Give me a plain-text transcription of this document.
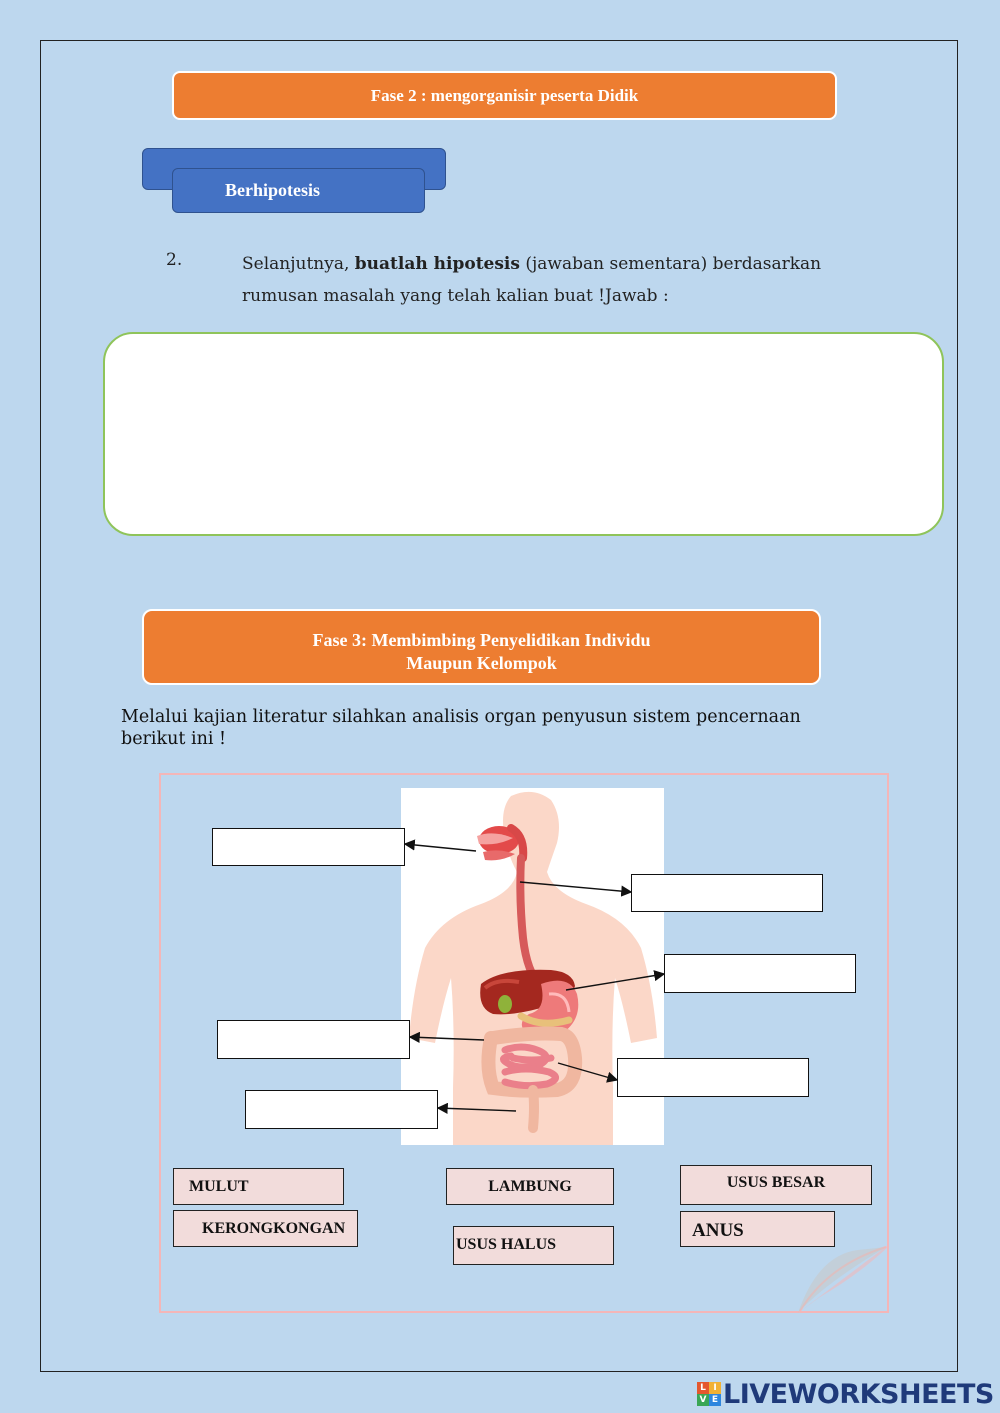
Fase 2 : mengorganisir peserta Didik
Berhipotesis
2.	Selanjutnya, buatlah hipotesis (jawaban sementara) berdasarkan rumusan masalah yang telah kalian buat !Jawab :
Fase 3: Membimbing Penyelidikan Individu
Maupun Kelompok
Melalui kajian literatur silahkan analisis organ penyusun sistem pencernaan berikut ini !
MULUT	LAMBUNG	USUS BESAR
KERONGKONGAN
USUS HALUS
ANUS
L I
V E LIVEWORKSHEETS
